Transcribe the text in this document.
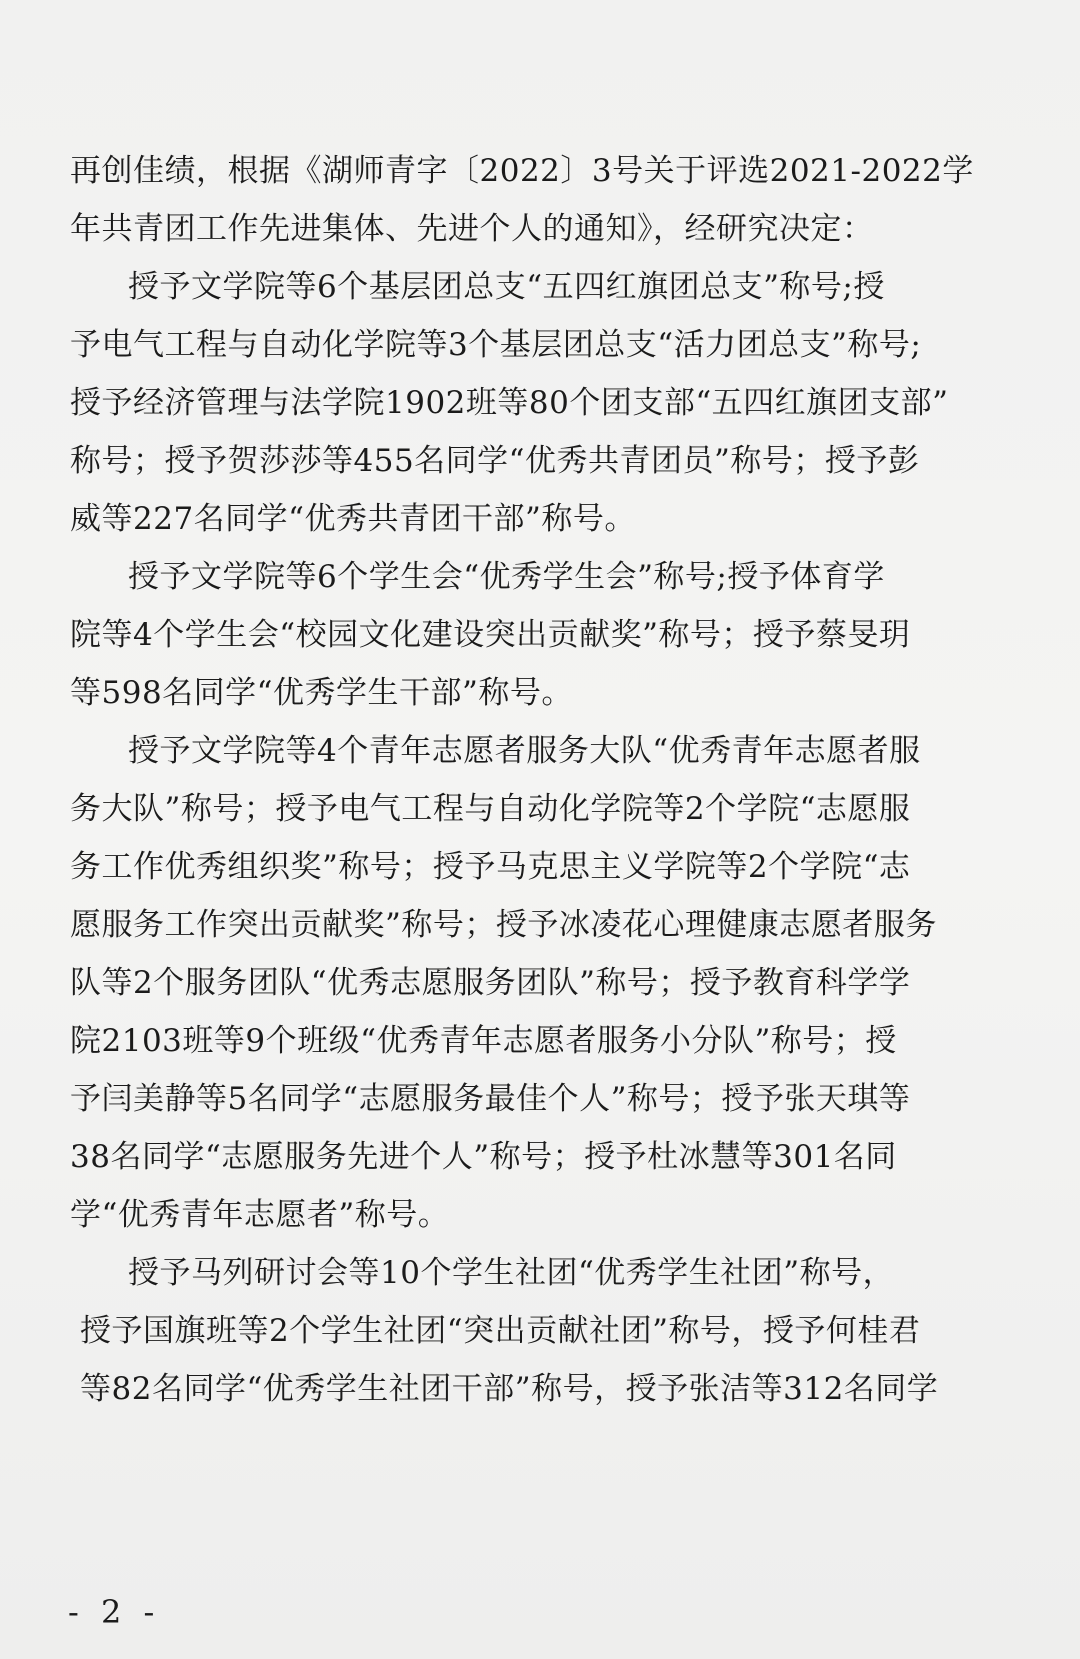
再创佳绩，根据《湖师青字〔2022〕3号关于评选2021-2022学
年共青团工作先进集体、先进个人的通知》，经研究决定：
授予文学院等6个基层团总支“五四红旗团总支”称号;授
予电气工程与自动化学院等3个基层团总支“活力团总支”称号;
授予经济管理与法学院1902班等80个团支部“五四红旗团支部”
称号；授予贺莎莎等455名同学“优秀共青团员”称号；授予彭
威等227名同学“优秀共青团干部”称号。
授予文学院等6个学生会“优秀学生会”称号;授予体育学
院等4个学生会“校园文化建设突出贡献奖”称号；授予蔡旻玥
等598名同学“优秀学生干部”称号。
授予文学院等4个青年志愿者服务大队“优秀青年志愿者服
务大队”称号；授予电气工程与自动化学院等2个学院“志愿服
务工作优秀组织奖”称号；授予马克思主义学院等2个学院“志
愿服务工作突出贡献奖”称号；授予冰凌花心理健康志愿者服务
队等2个服务团队“优秀志愿服务团队”称号；授予教育科学学
院2103班等9个班级“优秀青年志愿者服务小分队”称号；授
予闫美静等5名同学“志愿服务最佳个人”称号；授予张天琪等
38名同学“志愿服务先进个人”称号；授予杜冰慧等301名同
学“优秀青年志愿者”称号。
授予马列研讨会等10个学生社团“优秀学生社团”称号，
授予国旗班等2个学生社团“突出贡献社团”称号，授予何桂君
等82名同学“优秀学生社团干部”称号，授予张洁等312名同学
- 2 -
